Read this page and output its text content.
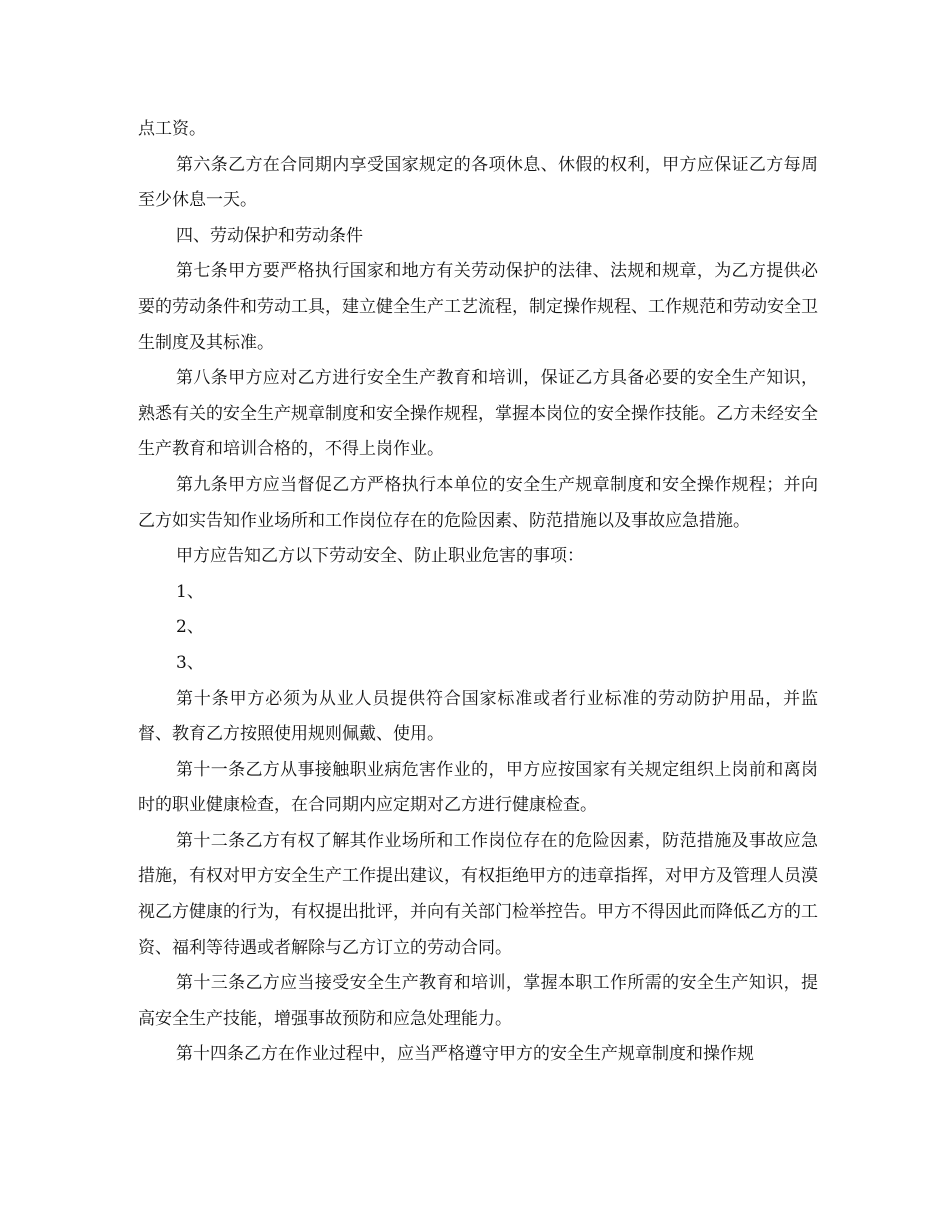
点工资。

第六条乙方在合同期内享受国家规定的各项休息、休假的权利，甲方应保证乙方每周至少休息一天。

四、劳动保护和劳动条件

第七条甲方要严格执行国家和地方有关劳动保护的法律、法规和规章，为乙方提供必要的劳动条件和劳动工具，建立健全生产工艺流程，制定操作规程、工作规范和劳动安全卫生制度及其标准。

第八条甲方应对乙方进行安全生产教育和培训，保证乙方具备必要的安全生产知识，熟悉有关的安全生产规章制度和安全操作规程，掌握本岗位的安全操作技能。乙方未经安全生产教育和培训合格的，不得上岗作业。

第九条甲方应当督促乙方严格执行本单位的安全生产规章制度和安全操作规程；并向乙方如实告知作业场所和工作岗位存在的危险因素、防范措施以及事故应急措施。

甲方应告知乙方以下劳动安全、防止职业危害的事项：

1、

2、

3、

第十条甲方必须为从业人员提供符合国家标准或者行业标准的劳动防护用品，并监督、教育乙方按照使用规则佩戴、使用。

第十一条乙方从事接触职业病危害作业的，甲方应按国家有关规定组织上岗前和离岗时的职业健康检查，在合同期内应定期对乙方进行健康检查。

第十二条乙方有权了解其作业场所和工作岗位存在的危险因素，防范措施及事故应急措施，有权对甲方安全生产工作提出建议，有权拒绝甲方的违章指挥，对甲方及管理人员漠视乙方健康的行为，有权提出批评，并向有关部门检举控告。甲方不得因此而降低乙方的工资、福利等待遇或者解除与乙方订立的劳动合同。

第十三条乙方应当接受安全生产教育和培训，掌握本职工作所需的安全生产知识，提高安全生产技能，增强事故预防和应急处理能力。

第十四条乙方在作业过程中，应当严格遵守甲方的安全生产规章制度和操作规
